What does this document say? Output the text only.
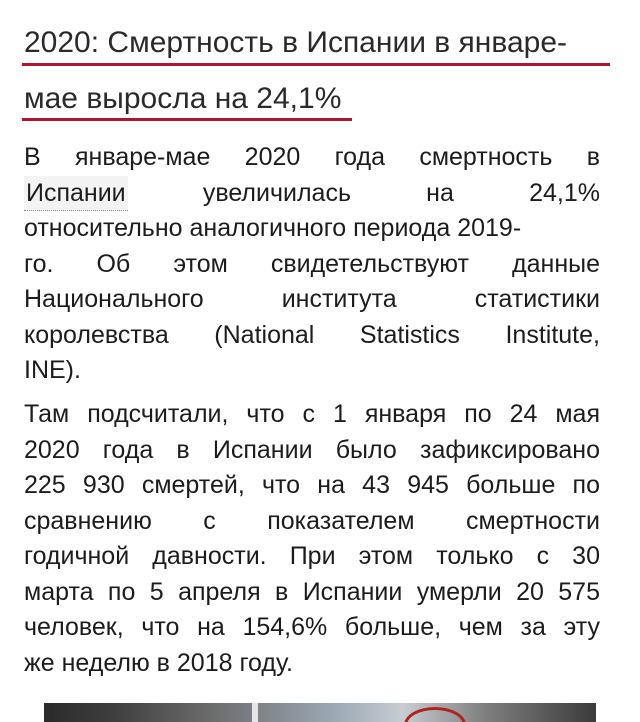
2020: Смертность в Испании в январе-
мае выросла на 24,1%
В январе-мае 2020 года смертность в
Испании	увеличилась	на	24,1%
относительно аналогичного периода 2019-
го. Об этом свидетельствуют данные
Национального	института	статистики
королевства (National Statistics Institute,
INE).
Там подсчитали, что с 1 января по 24 мая
2020 года в Испании было зафиксировано
225 930 смертей, что на 43 945 больше по
сравнению с показателем смертности
годичной давности. При этом только с 30
марта по 5 апреля в Испании умерли 20 575
человек, что на 154,6% больше, чем за эту
же неделю в 2018 году.
